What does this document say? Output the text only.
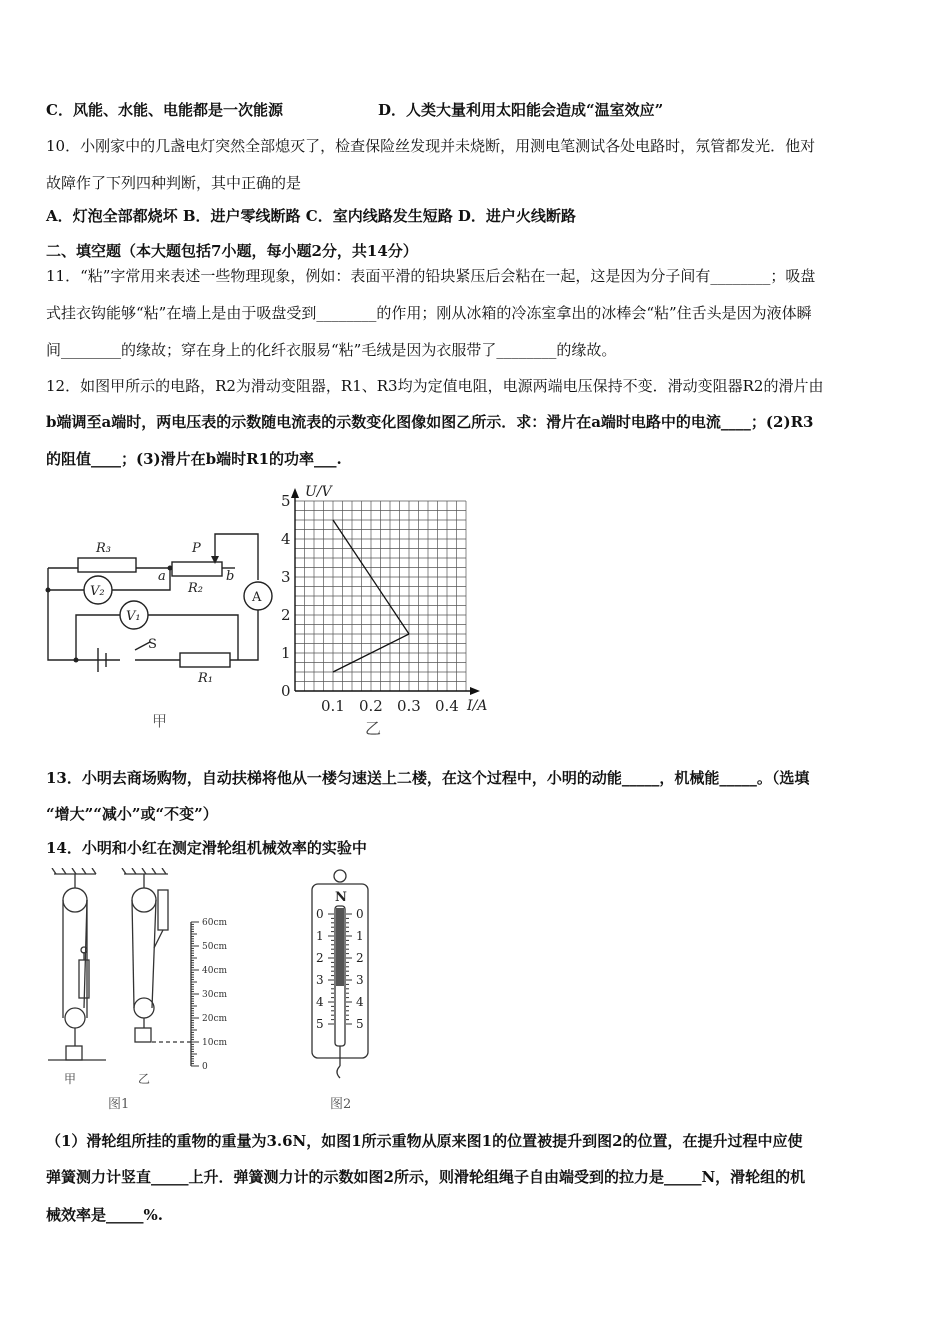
C．风能、水能、电能都是一次能源	D．人类大量利用太阳能会造成“温室效应”
10．小刚家中的几盏电灯突然全部熄灭了，检查保险丝发现并未烧断，用测电笔测试各处电路时，氖管都发光．他对
故障作了下列四种判断，其中正确的是
A．灯泡全部都烧坏 B．进户零线断路 C．室内线路发生短路 D．进户火线断路
二、填空题（本大题包括7小题，每小题2分，共14分）
11．“粘”字常用来表述一些物理现象，例如：表面平滑的铅块紧压后会粘在一起，这是因为分子间有________；吸盘
式挂衣钩能够“粘”在墙上是由于吸盘受到________的作用；刚从冰箱的冷冻室拿出的冰棒会“粘”住舌头是因为液体瞬
间________的缘故；穿在身上的化纤衣服易“粘”毛绒是因为衣服带了________的缘故。
12．如图甲所示的电路，R2为滑动变阻器，R1、R3均为定值电阻，电源两端电压保持不变．滑动变阻器R2的滑片由
b端调至a端时，两电压表的示数随电流表的示数变化图像如图乙所示．求：滑片在a端时电路中的电流____；(2)R3
的阻值____；(3)滑片在b端时R1的功率___.
R₃	P
a
R₂
b
V₂
V₁
A
S
R₁
甲
0
1
2
3
4
5
0.1 0.2 0.3 0.4
U/V
I/A
乙
13．小明去商场购物，自动扶梯将他从一楼匀速送上二楼，在这个过程中，小明的动能_____，机械能_____。（选填
“增大”“减小”或“不变”）
14．小明和小红在测定滑轮组机械效率的实验中
60cm
50cm
40cm
30cm
20cm
10cm
0
甲	乙
图1
0	0
1	1
2	2
3	3
4	4
5	5
N
图2
（1）滑轮组所挂的重物的重量为3.6N，如图1所示重物从原来图1的位置被提升到图2的位置，在提升过程中应使
弹簧测力计竖直_____上升．弹簧测力计的示数如图2所示，则滑轮组绳子自由端受到的拉力是_____N，滑轮组的机
械效率是_____%.
